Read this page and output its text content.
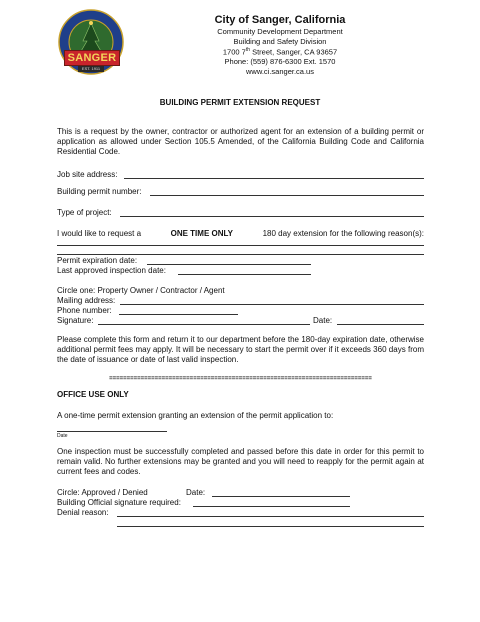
SANGER
EST. 1911
City of Sanger, California
Community Development Department
Building and Safety Division
1700 7th Street, Sanger, CA 93657
Phone: (559) 876-6300 Ext. 1570
www.ci.sanger.ca.us
BUILDING PERMIT EXTENSION REQUEST
This is a request by the owner, contractor or authorized agent for an extension of a building permit or application as allowed under Section 105.5 Amended, of the California Building Code and California Residential Code.
Job site address:
Building permit number:
Type of project:
I would like to request a	ONE TIME ONLY	180 day extension for the following reason(s):
Permit expiration date:
Last approved inspection date:
Circle one: Property Owner / Contractor / Agent
Mailing address:
Phone number:
Signature:	Date:
Please complete this form and return it to our department before the 180-day expiration date, otherwise additional permit fees may apply. It will be necessary to start the permit over if it exceeds 360 days from the date of issuance or date of last valid inspection.
===========================================================================
OFFICE USE ONLY
A one-time permit extension granting an extension of the permit application to:
Date
One inspection must be successfully completed and passed before this date in order for this permit to remain valid. No further extensions may be granted and you will need to reapply for the permit again at current fees and codes.
Circle: Approved / Denied	Date:
Building Official signature required:
Denial reason:
